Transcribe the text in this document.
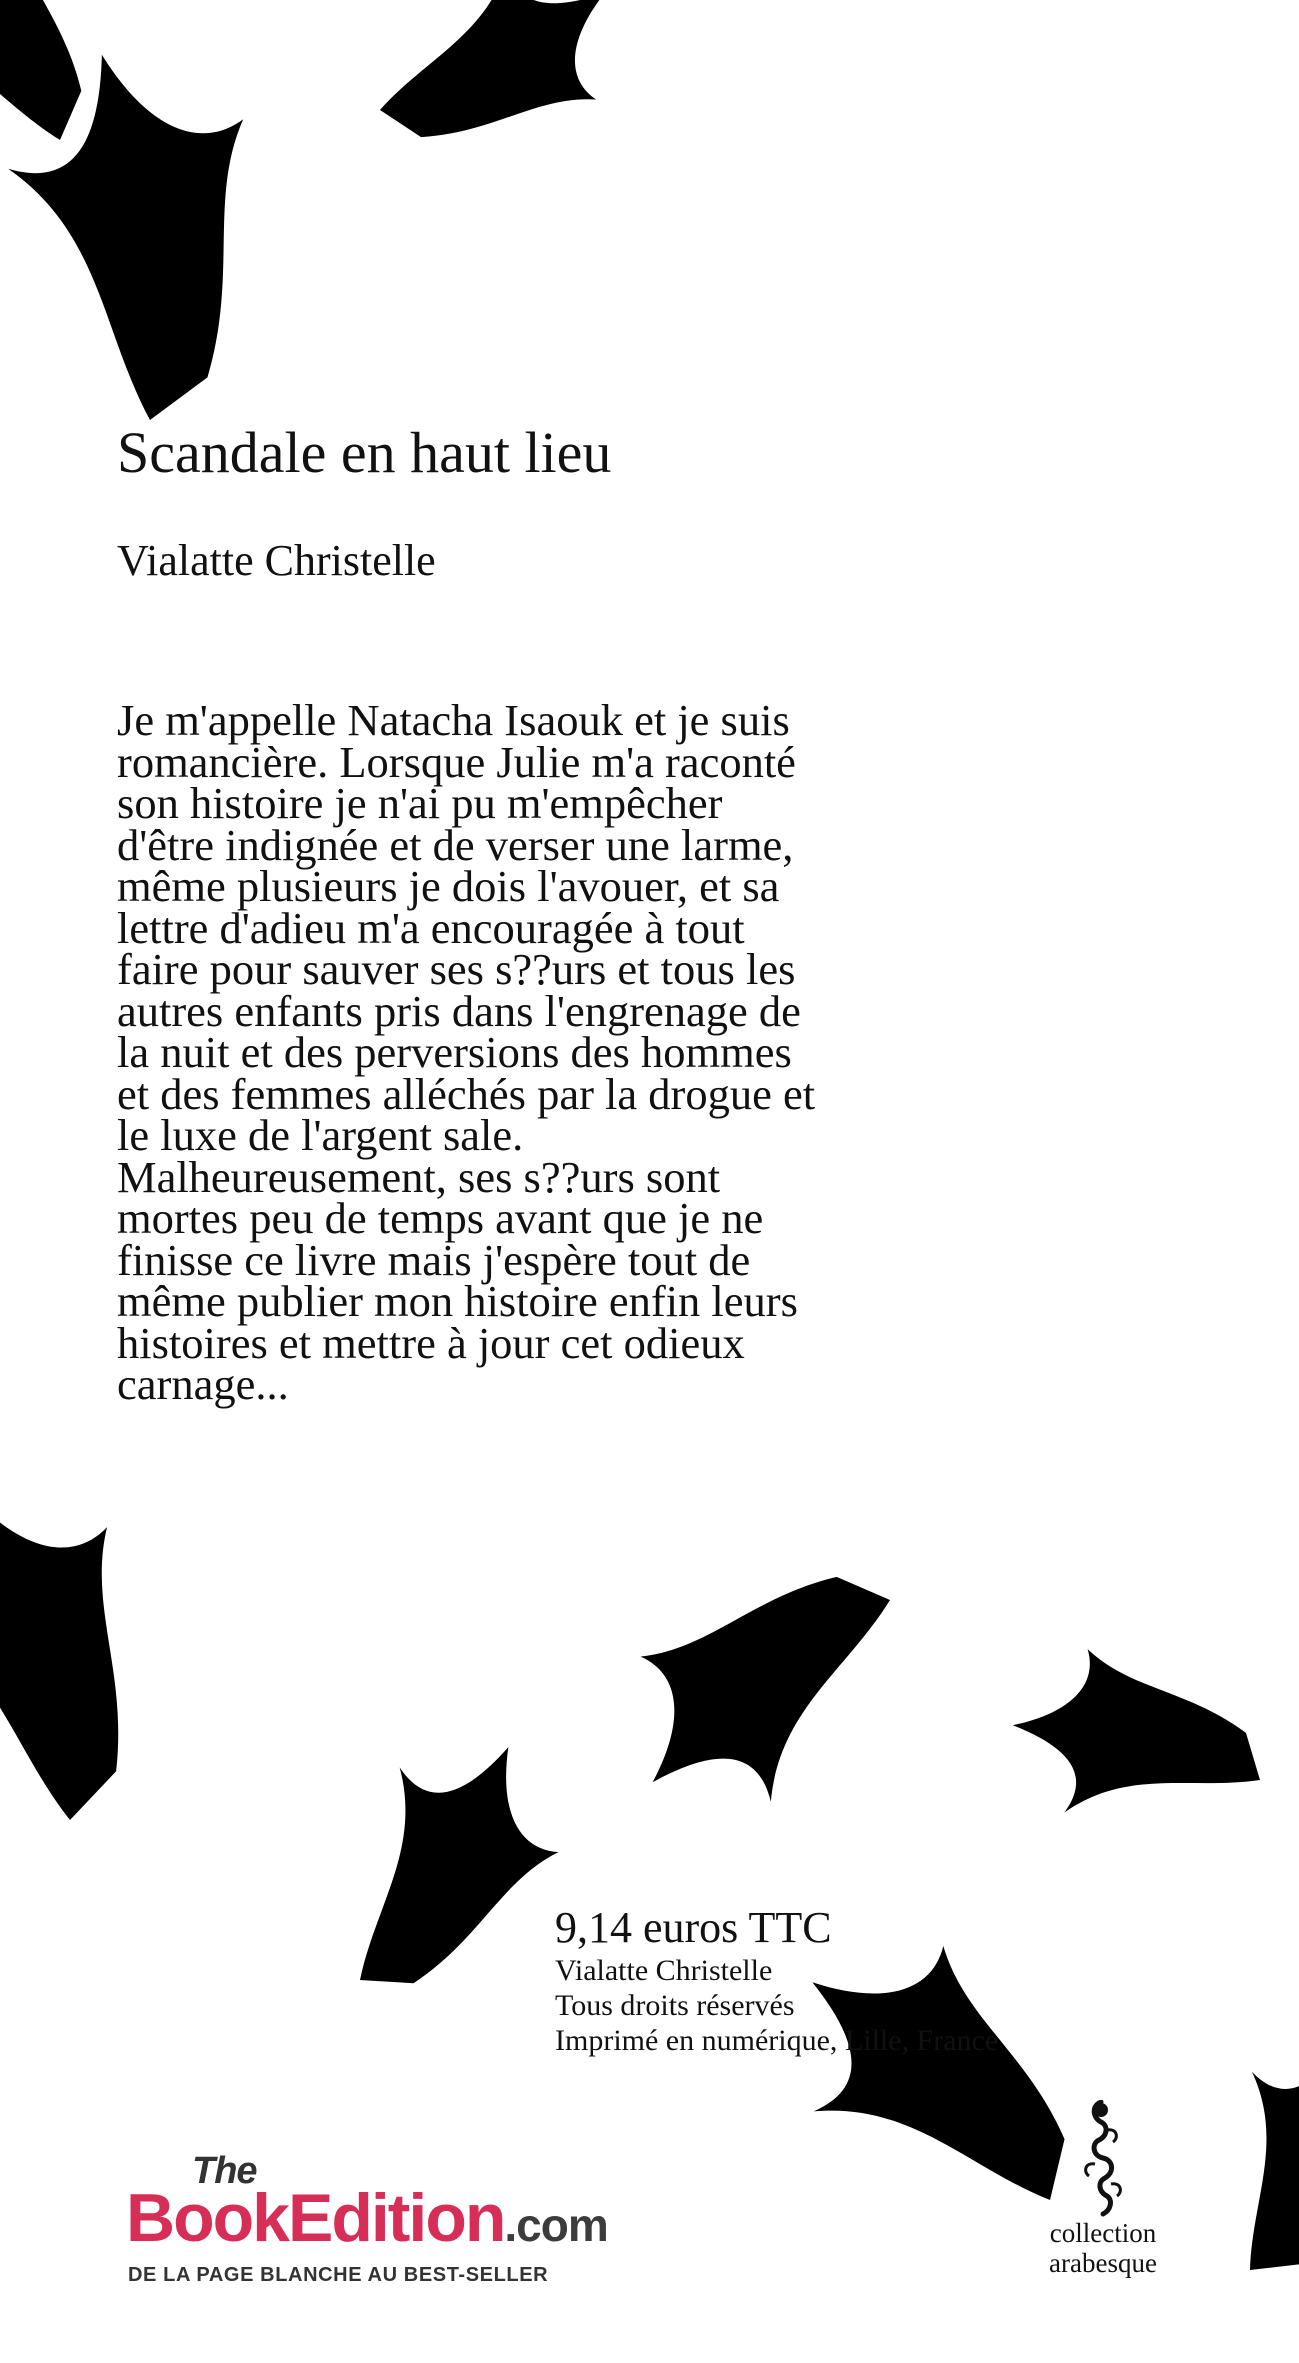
Scandale en haut lieu

Vialatte Christelle

Je m'appelle Natacha Isaouk et je suis
romancière. Lorsque Julie m'a raconté
son histoire je n'ai pu m'empêcher
d'être indignée et de verser une larme,
même plusieurs je dois l'avouer, et sa
lettre d'adieu m'a encouragée à tout
faire pour sauver ses s??urs et tous les
autres enfants pris dans l'engrenage de
la nuit et des perversions des hommes
et des femmes alléchés par la drogue et
le luxe de l'argent sale.
Malheureusement, ses s??urs sont
mortes peu de temps avant que je ne
finisse ce livre mais j'espère tout de
même publier mon histoire enfin leurs
histoires et mettre à jour cet odieux
carnage...
9,14 euros TTC
Vialatte Christelle
Tous droits réservés
Imprimé en numérique, Lille, France
The
BookEdition.com
DE LA PAGE BLANCHE AU BEST-SELLER
collection
arabesque
